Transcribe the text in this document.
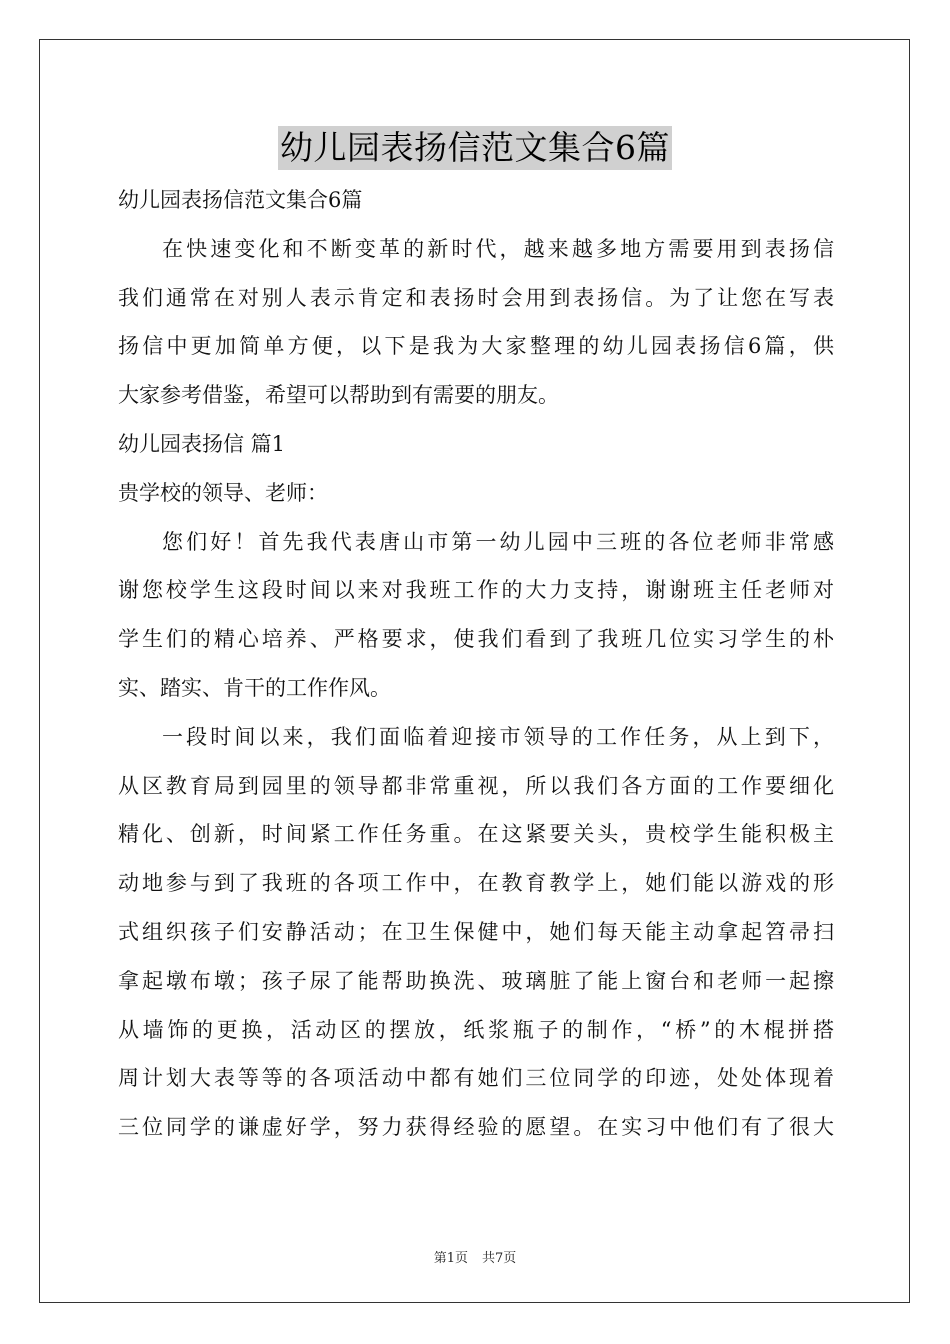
幼儿园表扬信范文集合6篇
幼儿园表扬信范文集合6篇
在快速变化和不断变革的新时代，越来越多地方需要用到表扬信
我们通常在对别人表示肯定和表扬时会用到表扬信。为了让您在写表
扬信中更加简单方便，以下是我为大家整理的幼儿园表扬信6篇，供
大家参考借鉴，希望可以帮助到有需要的朋友。
幼儿园表扬信 篇1
贵学校的领导、老师：
您们好！首先我代表唐山市第一幼儿园中三班的各位老师非常感
谢您校学生这段时间以来对我班工作的大力支持，谢谢班主任老师对
学生们的精心培养、严格要求，使我们看到了我班几位实习学生的朴
实、踏实、肯干的工作作风。
一段时间以来，我们面临着迎接市领导的工作任务，从上到下，
从区教育局到园里的领导都非常重视，所以我们各方面的工作要细化
精化、创新，时间紧工作任务重。在这紧要关头，贵校学生能积极主
动地参与到了我班的各项工作中，在教育教学上，她们能以游戏的形
式组织孩子们安静活动；在卫生保健中，她们每天能主动拿起笤帚扫
拿起墩布墩；孩子尿了能帮助换洗、玻璃脏了能上窗台和老师一起擦
从墙饰的更换，活动区的摆放，纸浆瓶子的制作，“桥”的木棍拼搭
周计划大表等等的各项活动中都有她们三位同学的印迹，处处体现着
三位同学的谦虚好学，努力获得经验的愿望。在实习中他们有了很大
第1页 共7页
